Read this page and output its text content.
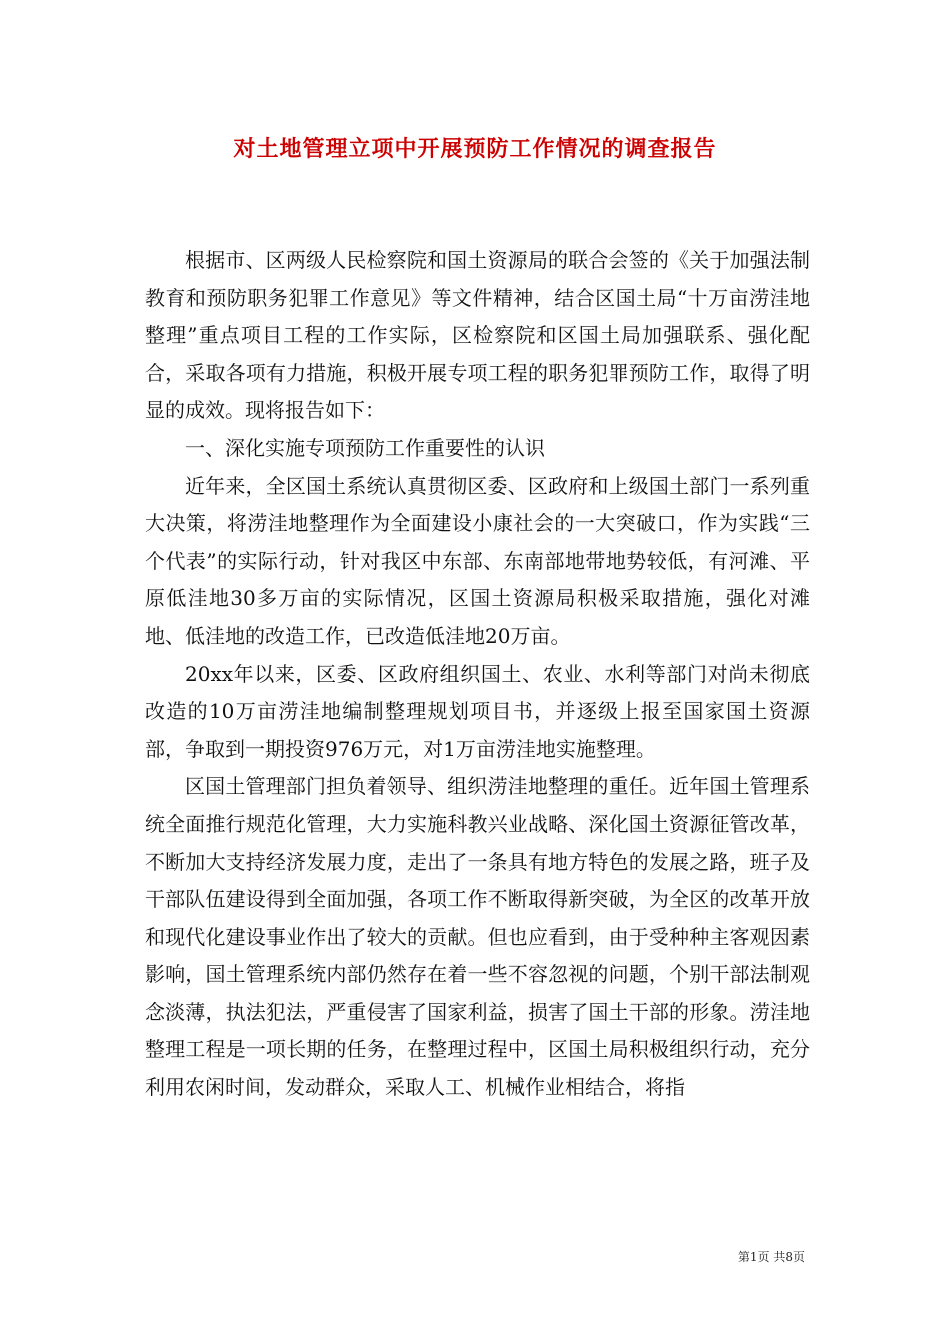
对土地管理立项中开展预防工作情况的调查报告

根据市、区两级人民检察院和国土资源局的联合会签的《关于加强法制教育和预防职务犯罪工作意见》等文件精神，结合区国土局“十万亩涝洼地整理”重点项目工程的工作实际，区检察院和区国土局加强联系、强化配合，采取各项有力措施，积极开展专项工程的职务犯罪预防工作，取得了明显的成效。现将报告如下：

一、深化实施专项预防工作重要性的认识

近年来，全区国土系统认真贯彻区委、区政府和上级国土部门一系列重大决策，将涝洼地整理作为全面建设小康社会的一大突破口，作为实践“三个代表”的实际行动，针对我区中东部、东南部地带地势较低，有河滩、平原低洼地30多万亩的实际情况，区国土资源局积极采取措施，强化对滩地、低洼地的改造工作，已改造低洼地20万亩。

20xx年以来，区委、区政府组织国土、农业、水利等部门对尚未彻底改造的10万亩涝洼地编制整理规划项目书，并逐级上报至国家国土资源部，争取到一期投资976万元，对1万亩涝洼地实施整理。

区国土管理部门担负着领导、组织涝洼地整理的重任。近年国土管理系统全面推行规范化管理，大力实施科教兴业战略、深化国土资源征管改革，不断加大支持经济发展力度，走出了一条具有地方特色的发展之路，班子及干部队伍建设得到全面加强，各项工作不断取得新突破，为全区的改革开放和现代化建设事业作出了较大的贡献。但也应看到，由于受种种主客观因素影响，国土管理系统内部仍然存在着一些不容忽视的问题，个别干部法制观念淡薄，执法犯法，严重侵害了国家利益，损害了国土干部的形象。涝洼地整理工程是一项长期的任务，在整理过程中，区国土局积极组织行动，充分利用农闲时间，发动群众，采取人工、机械作业相结合，将指

第1页 共8页
